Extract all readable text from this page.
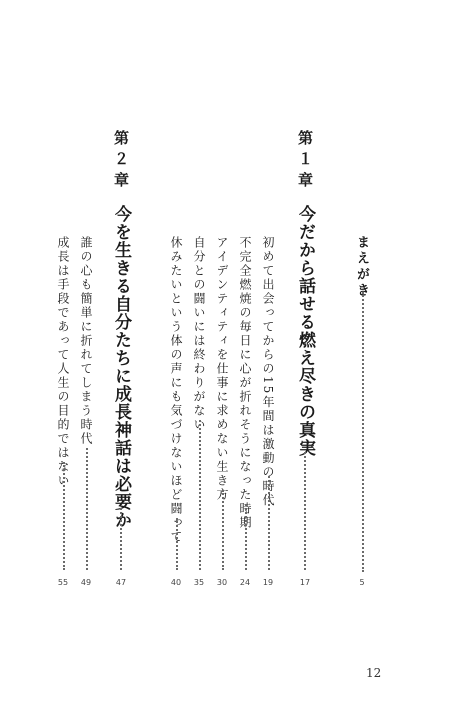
まえがき
5
第１章
今だから話せる燃え尽きの真実
17
初めて出会ってからの15年間は激動の時代
19
不完全燃焼の毎日に心が折れそうになった時期
24
アイデンティティを仕事に求めない生き方
30
自分との闘いには終わりがない
35
休みたいという体の声にも気づけないほど闘って
40
第２章
今を生きる自分たちに成長神話は必要か
47
誰の心も簡単に折れてしまう時代
49
成長は手段であって人生の目的ではない
55
12
